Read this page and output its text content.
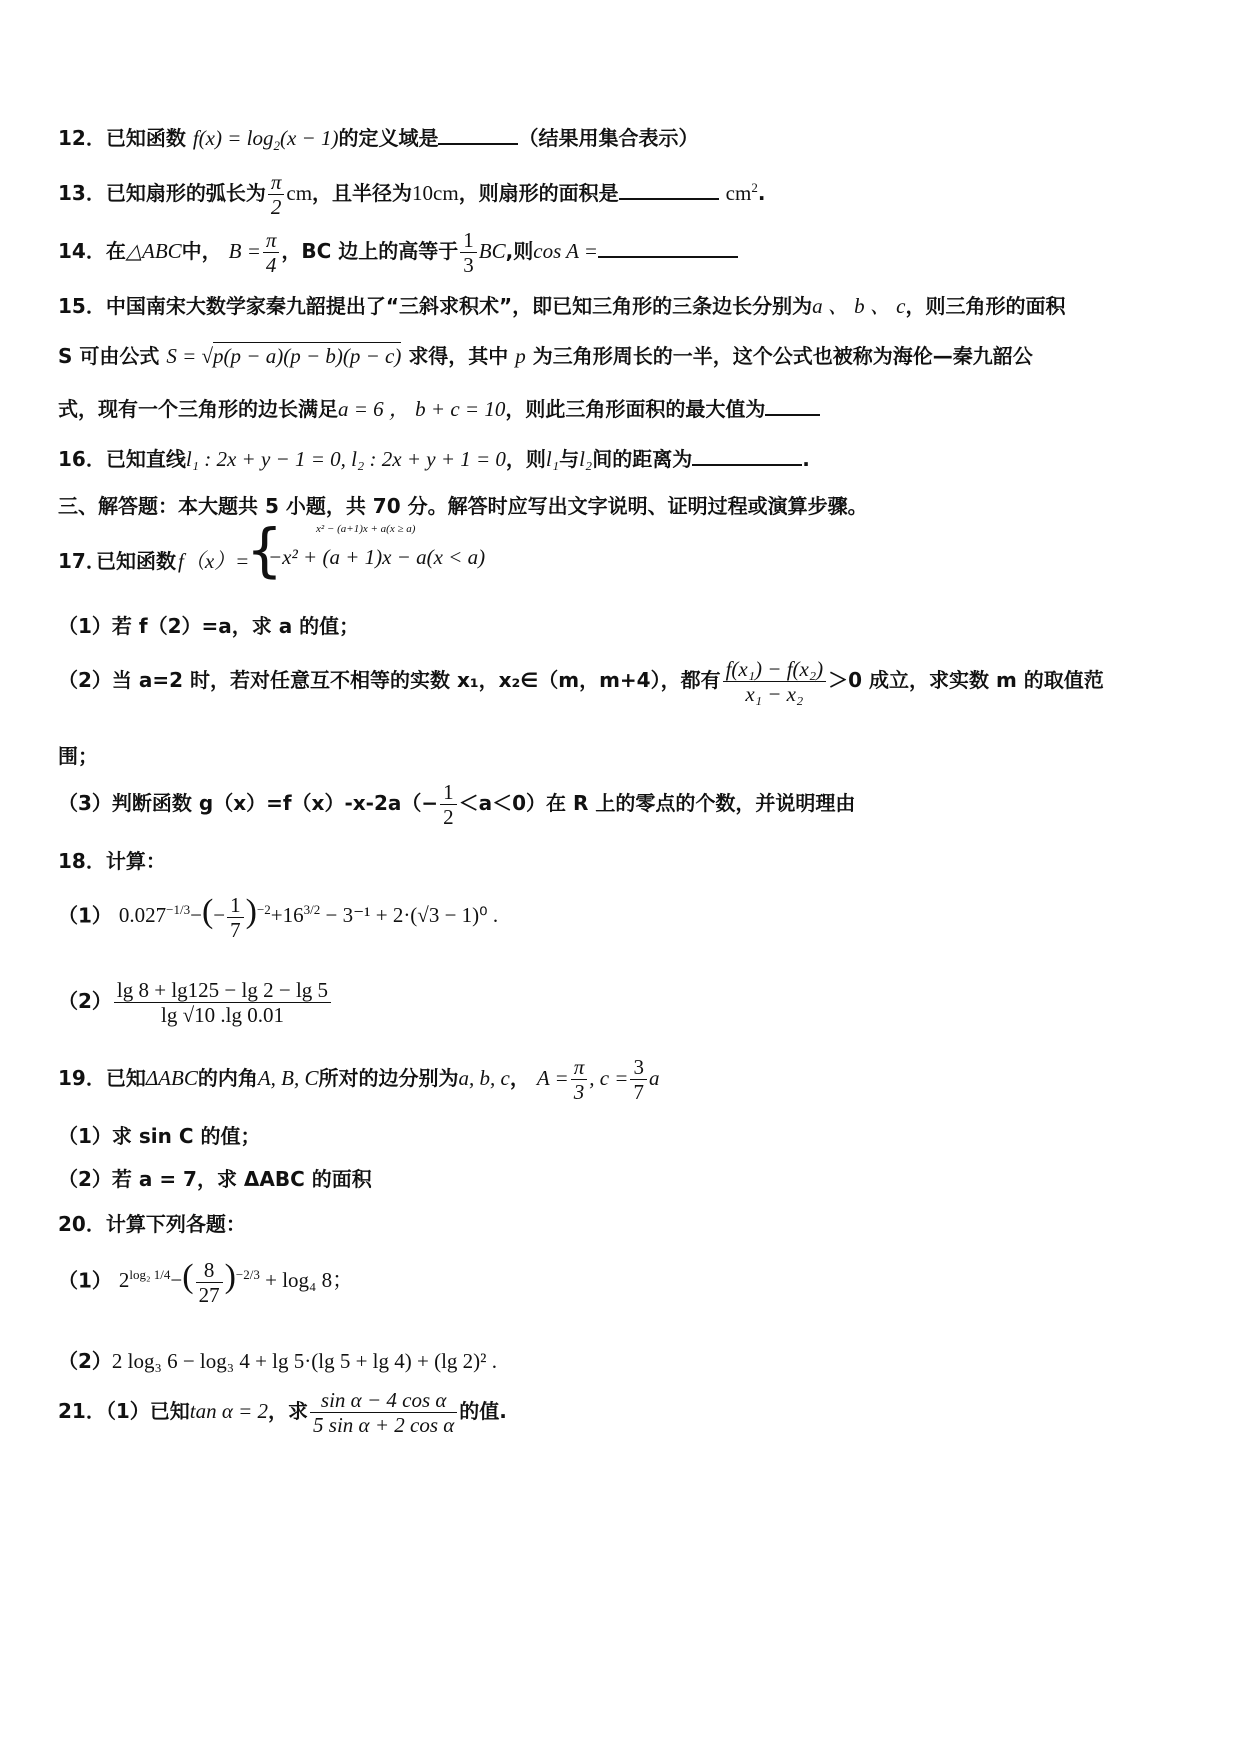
12．已知函数 $f(x) = \log_2(x - 1)$的定义域是	（结果用集合表示）
13．已知扇形的弧长为 $\frac{\pi}{2}$ cm，且半径为10cm，则扇形的面积是	$cm^2$.
14．在△ABC中， $B = \frac{\pi}{4}$ ，BC 边上的高等于 $\frac{1}{3}$ BC,则cos A =
15．中国南宋大数学家秦九韶提出了“三斜求积术”，即已知三角形的三条边长分别为a 、 b 、 c，则三角形的面积
S 可由公式 S = √p(p − a)(p − b)(p − c) 求得，其中 p 为三角形周长的一半，这个公式也被称为海伦—秦九韶公
式，现有一个三角形的边长满足a = 6 ， b + c = 10，则此三角形面积的最大值为
16．已知直线l₁ : 2x + y − 1 = 0, l₂ : 2x + y + 1 = 0，则l₁与l₂间的距离为	.
三、解答题：本大题共 5 小题，共 70 分。解答时应写出文字说明、证明过程或演算步骤。
17．
已知函数 f（x）=
{	x² − (a+1)x + a(x ≥ a)
−x² + (a + 1)x − a(x < a)
（1）若 f（2）=a，求 a 的值；
（2）当 a=2 时，若对任意互不相等的实数 x₁，x₂∈（m，m+4），都有 $\frac{\text{f(x₁) − f(x₂)}}{\text{x₁ − x₂}} >0$ 成立，求实数 m 的取值范
围；
（3）判断函数 $g(x)=f(x)-x-2a(- \frac{1}{2} <a<0)$在 R 上的零点的个数，并说明理由
18．计算：
（1） $0.027^{-1/3}-(- \frac{1}{7} )^{-2}+16^{3/2} - 3^{-1} + 2\cdot(√3 - 1)^0$ .
$(2) \frac{\lg 8 + \lg 125 - \lg 2 - \lg 5}{\lg √10 .\lg 0.01}$
19．已知ΔABC的内角A, B, C所对的边分别为a, b, c， $A = \frac{\pi}{3}$ , $c = \frac{3}{7}$ a
（1）求 sin C 的值；
（2）若 a = 7，求 ΔABC 的面积
20．计算下列各题：
（1） $2^{log_2 1/4}-( \frac{8}{27} )^{-2/3} + \log_4$ 8；
（2）2 log₃ 6 − log₃ 4 + lg 5·(lg 5 + lg 4) + (lg 2)² .
21．（1）已知tan α = 2，求 $\frac{\text{sin α − 4 cos α}}{\text{5 sin α + 2 cos α}}$ 的值.
